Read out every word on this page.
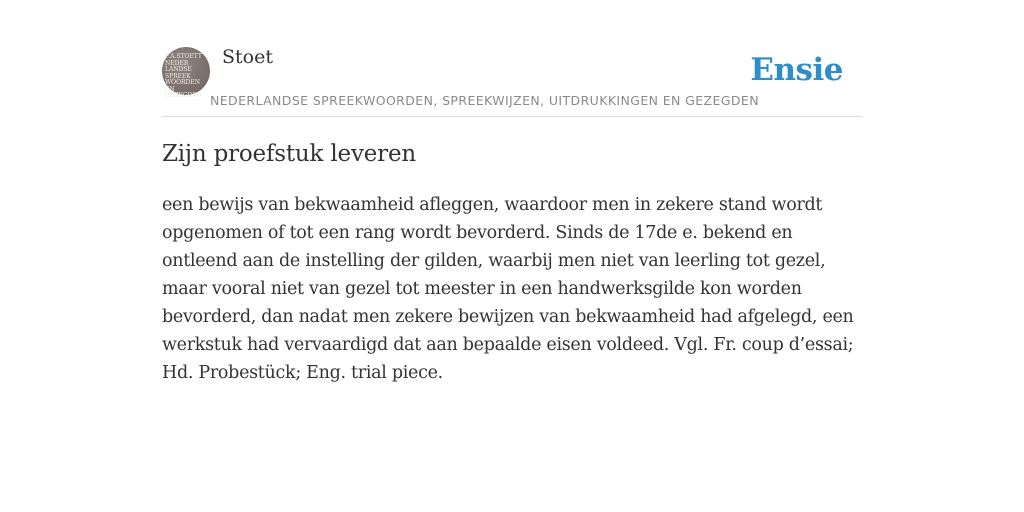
F.A.STOETT
NEDER
LANDSE
SPREEK
WOORDEN EN
GEZEGDEN
Stoet	Ensie
NEDERLANDSE SPREEKWOORDEN, SPREEKWIJZEN, UITDRUKKINGEN EN GEZEGDEN
Zijn proefstuk leveren

een bewijs van bekwaamheid afleggen, waardoor men in zekere stand wordt opgenomen of tot een rang wordt bevorderd. Sinds de 17de e. bekend en ontleend aan de instelling der gilden, waarbij men niet van leerling tot gezel, maar vooral niet van gezel tot meester in een handwerksgilde kon worden bevorderd, dan nadat men zekere bewijzen van bekwaamheid had afgelegd, een werkstuk had vervaardigd dat aan bepaalde eisen voldeed. Vgl. Fr. coup d’essai; Hd. Probestück; Eng. trial piece.
